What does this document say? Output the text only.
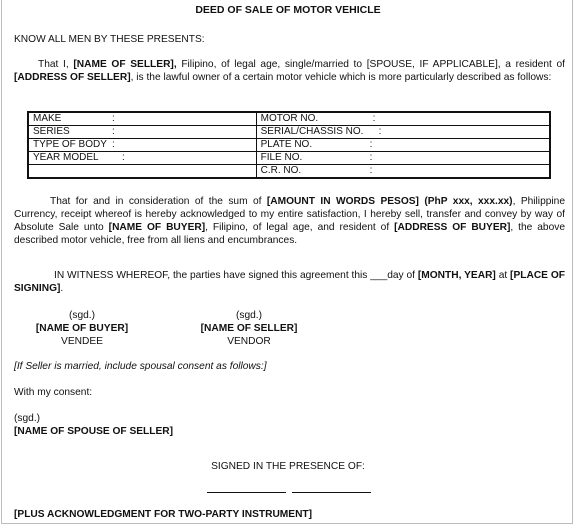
DEED OF SALE OF MOTOR VEHICLE
KNOW ALL MEN BY THESE PRESENTS:
That I, [NAME OF SELLER], Filipino, of legal age, single/married to [SPOUSE, IF APPLICABLE], a resident of [ADDRESS OF SELLER], is the lawful owner of a certain motor vehicle which is more particularly described as follows:
MAKE :	MOTOR NO. :

SERIES :	SERIAL/CHASSIS NO. :

TYPE OF BODY :	PLATE NO. :

YEAR MODEL :	FILE NO. :

	C.R. NO. :
That for and in consideration of the sum of [AMOUNT IN WORDS PESOS] (PhP xxx, xxx.xx), Philippine Currency, receipt whereof is hereby acknowledged to my entire satisfaction, I hereby sell, transfer and convey by way of Absolute Sale unto [NAME OF BUYER], Filipino, of legal age, and resident of [ADDRESS OF BUYER], the above described motor vehicle, free from all liens and encumbrances.
IN WITNESS WHEREOF, the parties have signed this agreement this ___day of [MONTH, YEAR] at [PLACE OF SIGNING].
(sgd.)
[NAME OF BUYER]
VENDEE
(sgd.)
[NAME OF SELLER]
VENDOR
[If Seller is married, include spousal consent as follows:]
With my consent:
(sgd.)
[NAME OF SPOUSE OF SELLER]
SIGNED IN THE PRESENCE OF:
[PLUS ACKNOWLEDGMENT FOR TWO-PARTY INSTRUMENT]
